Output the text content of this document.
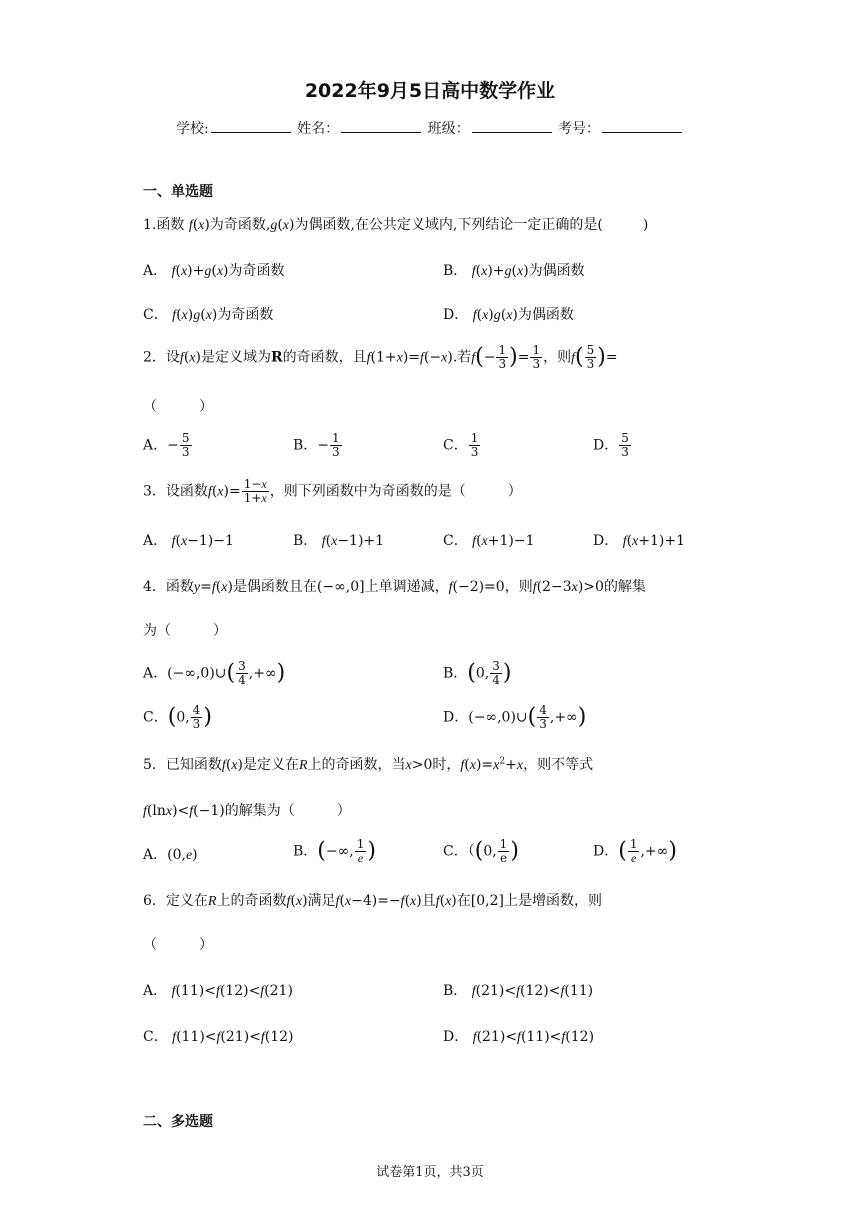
2022年9月5日高中数学作业
学校:	姓名：	班级：	考号：
一、单选题
1.函数 f(x)为奇函数,g(x)为偶函数,在公共定义域内,下列结论一定正确的是(	)
A． f(x)+g(x)为奇函数	B． f(x)+g(x)为偶函数
C． f(x)g(x)为奇函数	D． f(x)g(x)为偶函数
2．设f(x)是定义域为R的奇函数，且f(1+x)=f(−x).若$f(- \frac{1}{3}$ )= $\frac{1}{3}$ ，则$f( \frac{5}{3}$ )=
（　　　）
A．− $\frac{5}{3}$	B．− $\frac{1}{3}$	C． $\frac{1}{3}$	D． $\frac{5}{3}$
3．设函数$f(x)= \frac{1-x}{1+x}$ ，则下列函数中为奇函数的是（　　　）
A． f(x−1)−1	B． f(x−1)+1	C． f(x+1)−1	D． f(x+1)+1
4．函数y=f(x)是偶函数且在(−∞,0]上单调递减，f(−2)=0，则f(2−3x)>0的解集
为（　　　）
A．(−∞,0)∪( $\frac{3}{4}$ ,+∞)	B．(0, $\frac{3}{4}$ )
C．(0, $\frac{4}{3}$ )	D．(−∞,0)∪( $\frac{4}{3}$ ,+∞)
5．已知函数f(x)是定义在R上的奇函数，当x>0时，$f(x)=x^2+x$，则不等式
f(lnx)<f(−1)的解集为（　　　）
A．(0,e)	B．(−∞, $\frac{1}{e}$ )	C．（(0, $\frac{1}{e}$ )	D．( $\frac{1}{e}$ ,+∞)
6．定义在R上的奇函数f(x)满足f(x−4)=−f(x)且f(x)在[0,2]上是增函数，则
（　　　）
A． f(11)<f(12)<f(21)	B． f(21)<f(12)<f(11)
C． f(11)<f(21)<f(12)	D． f(21)<f(11)<f(12)
二、多选题
试卷第1页，共3页
